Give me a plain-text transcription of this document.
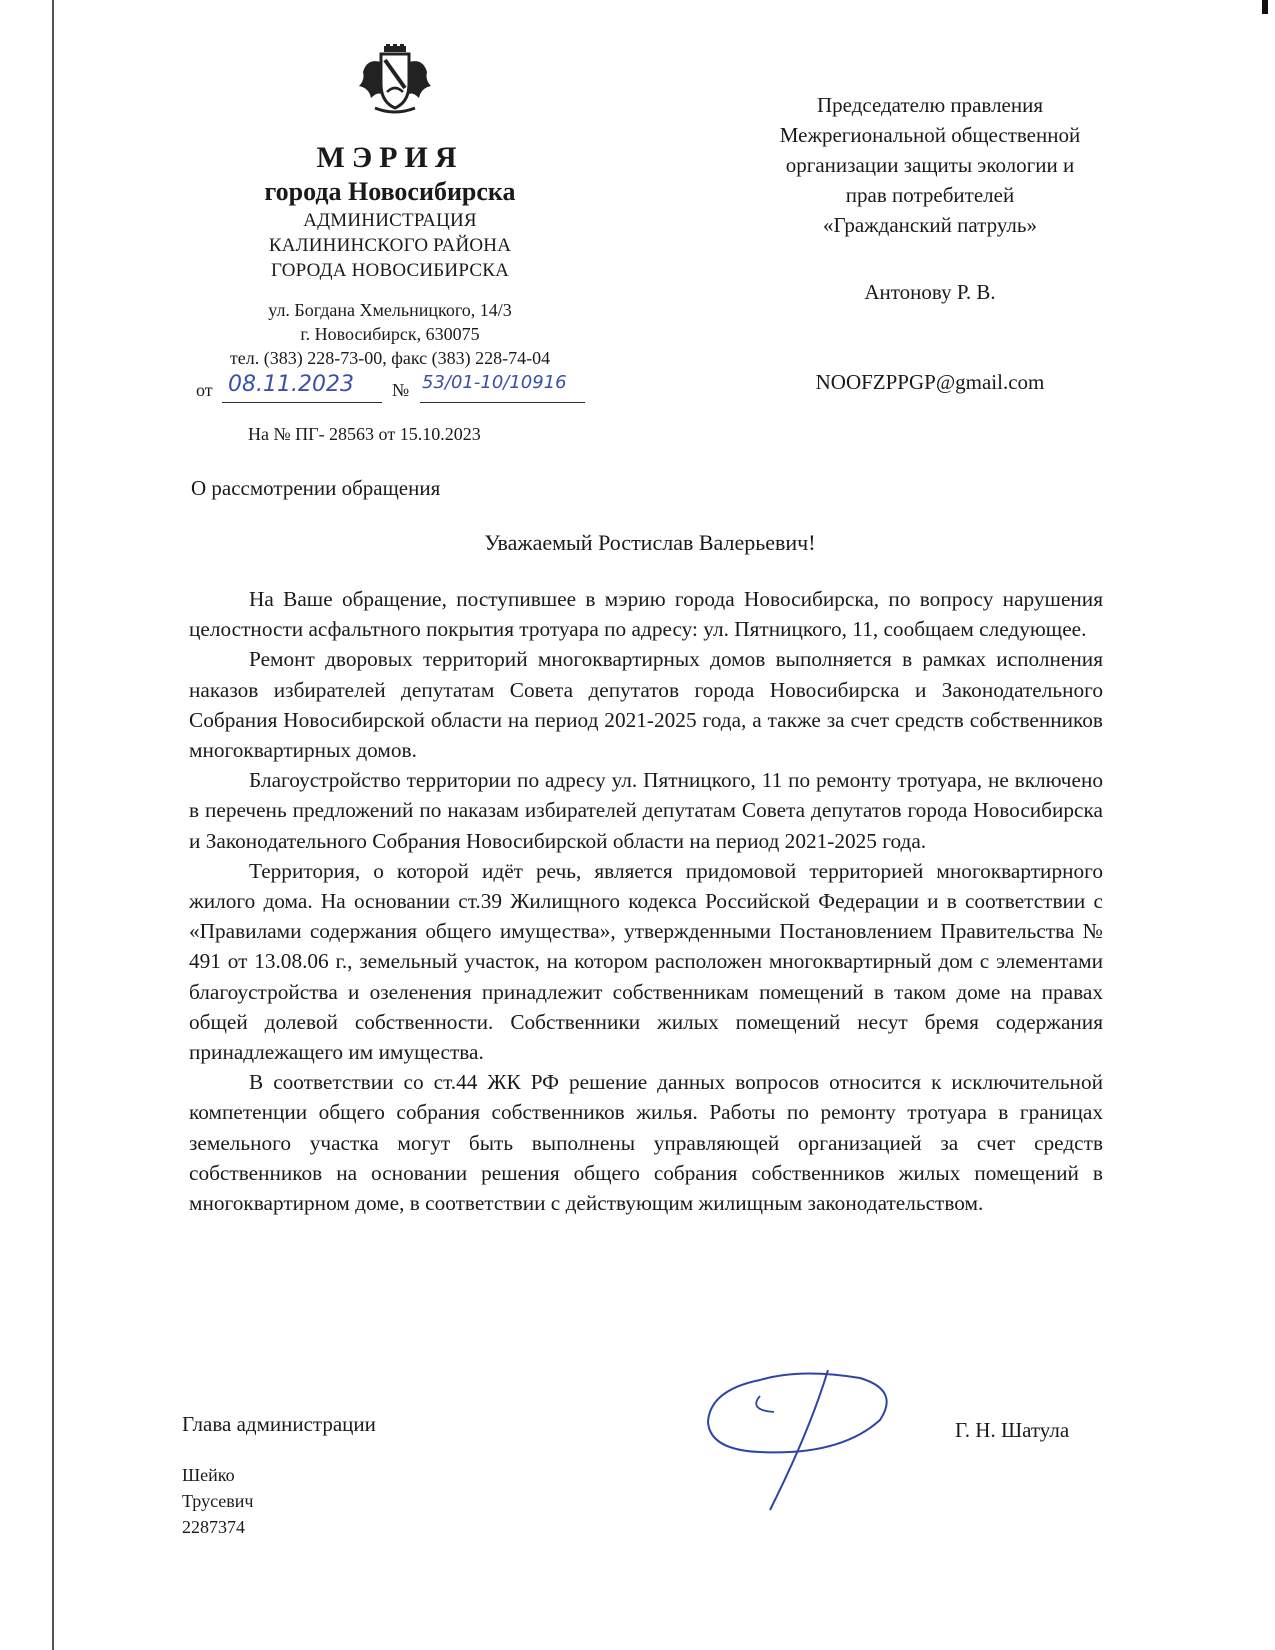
МЭРИЯ
города Новосибирска
АДМИНИСТРАЦИЯ
КАЛИНИНСКОГО РАЙОНА
ГОРОДА НОВОСИБИРСКА
ул. Богдана Хмельницкого, 14/3
г. Новосибирск, 630075
тел. (383) 228-73-00, факс (383) 228-74-04
от 08.11.2023	№ 53/01-10/10916
На № ПГ- 28563 от 15.10.2023
О рассмотрении обращения
Председателю правления
Межрегиональной общественной
организации защиты экологии и
прав потребителей
«Гражданский патруль»
Антонову Р. В.
NOOFZPPGP@gmail.com
Уважаемый Ростислав Валерьевич!

На Ваше обращение, поступившее в мэрию города Новосибирска, по вопросу нарушения целостности асфальтного покрытия тротуара по адресу: ул. Пятницкого, 11, сообщаем следующее.

Ремонт дворовых территорий многоквартирных домов выполняется в рамках исполнения наказов избирателей депутатам Совета депутатов города Новосибирска и Законодательного Собрания Новосибирской области на период 2021-2025 года, а также за счет средств собственников многоквартирных домов.

Благоустройство территории по адресу ул. Пятницкого, 11 по ремонту тротуара, не включено в перечень предложений по наказам избирателей депутатам Совета депутатов города Новосибирска и Законодательного Собрания Новосибирской области на период 2021-2025 года.

Территория, о которой идёт речь, является придомовой территорией многоквартирного жилого дома. На основании ст.39 Жилищного кодекса Российской Федерации и в соответствии с «Правилами содержания общего имущества», утвержденными Постановлением Правительства № 491 от 13.08.06 г., земельный участок, на котором расположен многоквартирный дом с элементами благоустройства и озеленения принадлежит собственникам помещений в таком доме на правах общей долевой собственности. Собственники жилых помещений несут бремя содержания принадлежащего им имущества.

В соответствии со ст.44 ЖК РФ решение данных вопросов относится к исключительной компетенции общего собрания собственников жилья. Работы по ремонту тротуара в границах земельного участка могут быть выполнены управляющей организацией за счет средств собственников на основании решения общего собрания собственников жилых помещений в многоквартирном доме, в соответствии с действующим жилищным законодательством.

Глава администрации	Г. Н. Шатула
Шейко
Трусевич
2287374
